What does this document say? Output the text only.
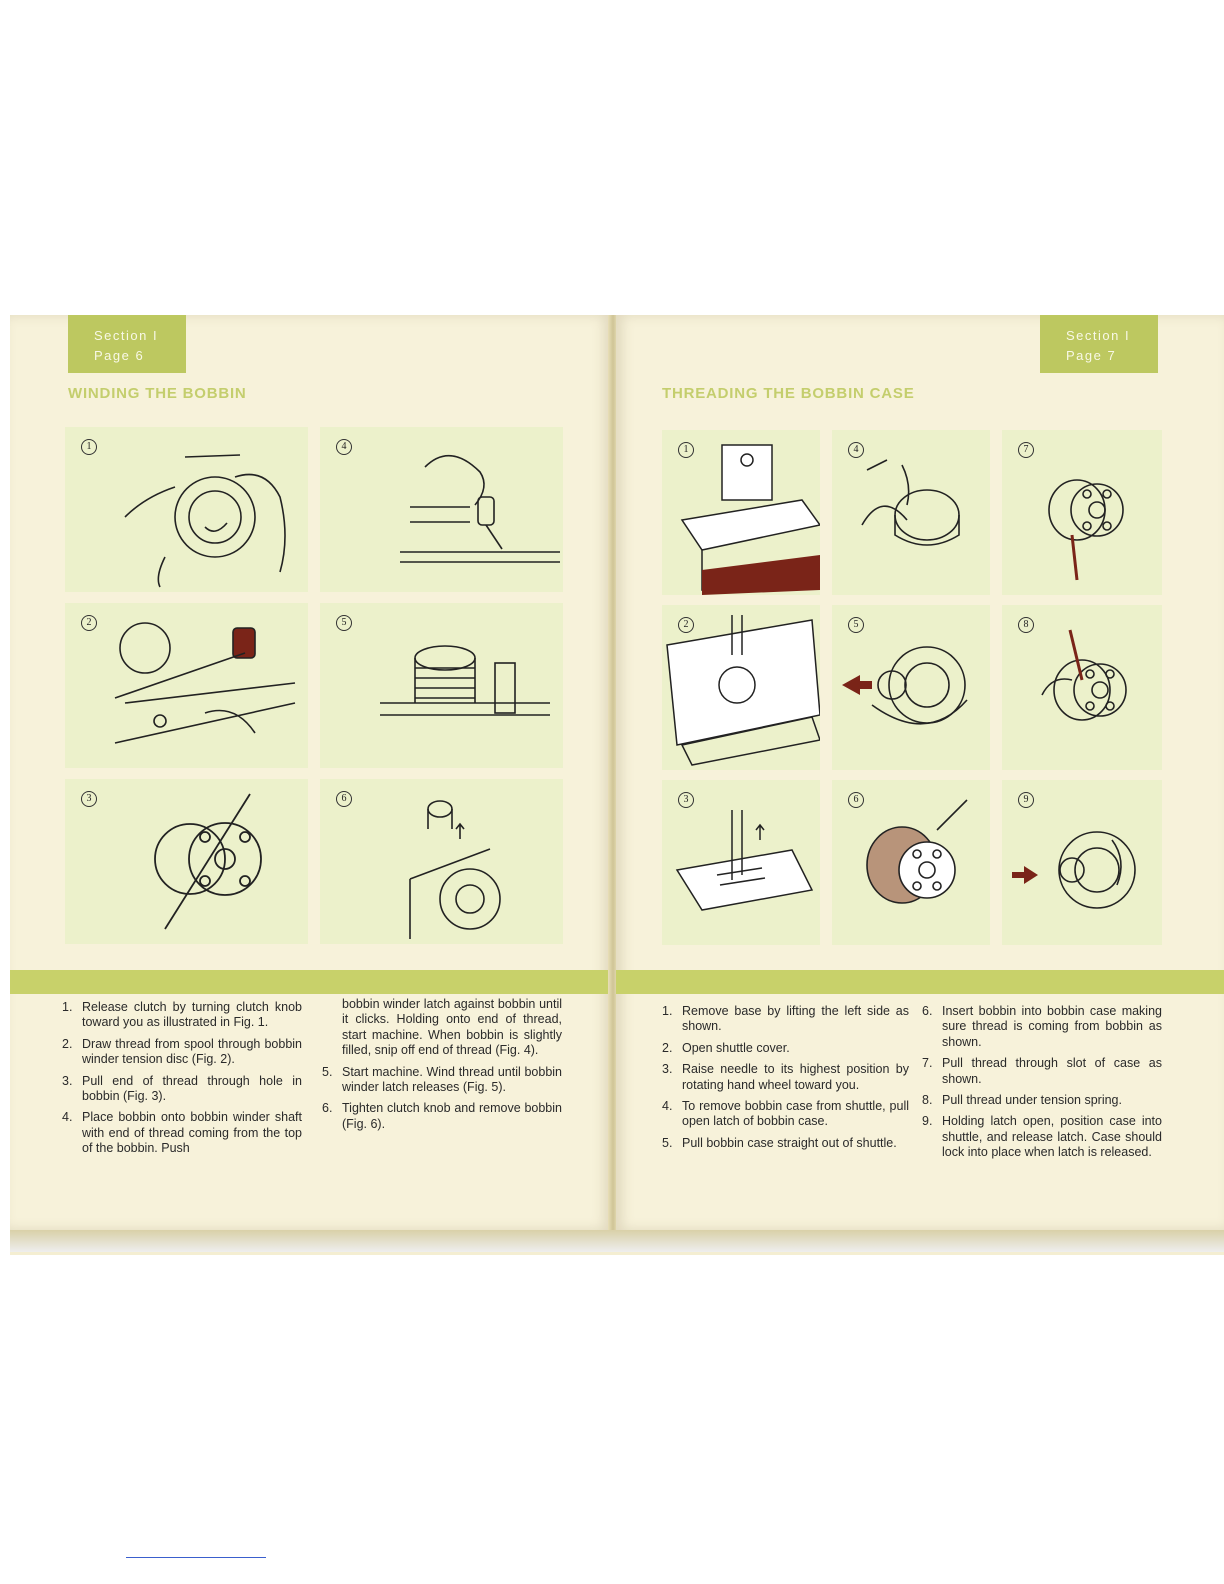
Section I
Page 6
WINDING THE BOBBIN
1	4
2	5
3	6
1. Release clutch by turning clutch knob toward you as illustrated in Fig. 1.
2. Draw thread from spool through bobbin winder tension disc (Fig. 2).
3. Pull end of thread through hole in bobbin (Fig. 3).
4. Place bobbin onto bobbin winder shaft with end of thread coming from the top of the bobbin. Push
bobbin winder latch against bobbin until it clicks. Holding onto end of thread, start machine. When bobbin is slightly filled, snip off end of thread (Fig. 4).
5. Start machine. Wind thread until bobbin winder latch releases (Fig. 5).
6. Tighten clutch knob and remove bobbin (Fig. 6).
Section I
Page 7
THREADING THE BOBBIN CASE
1	4	7
2	5	8
3	6	9
1. Remove base by lifting the left side as shown.
2. Open shuttle cover.
3. Raise needle to its highest position by rotating hand wheel toward you.
4. To remove bobbin case from shuttle, pull open latch of bobbin case.
5. Pull bobbin case straight out of shuttle.
6. Insert bobbin into bobbin case making sure thread is coming from bobbin as shown.
7. Pull thread through slot of case as shown.
8. Pull thread under tension spring.
9. Holding latch open, position case into shuttle, and release latch. Case should lock into place when latch is released.
